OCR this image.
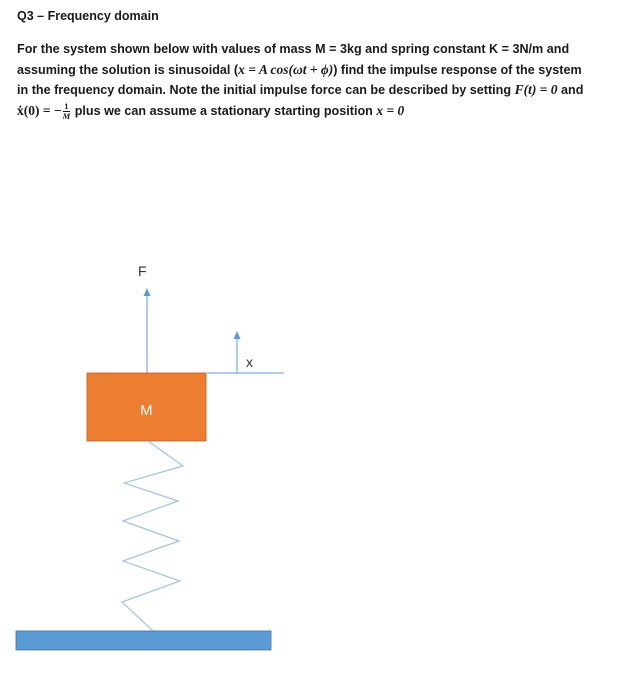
Q3 – Frequency domain
For the system shown below with values of mass M = 3kg and spring constant K = 3N/m and
assuming the solution is sinusoidal (x = A cos(ωt + ϕ)) find the impulse response of the system
in the frequency domain. Note the initial impulse force can be described by setting F(t) = 0 and
ẋ(0) = − $\frac{1}{M}$ plus we can assume a stationary starting position x = 0
F
x
M
